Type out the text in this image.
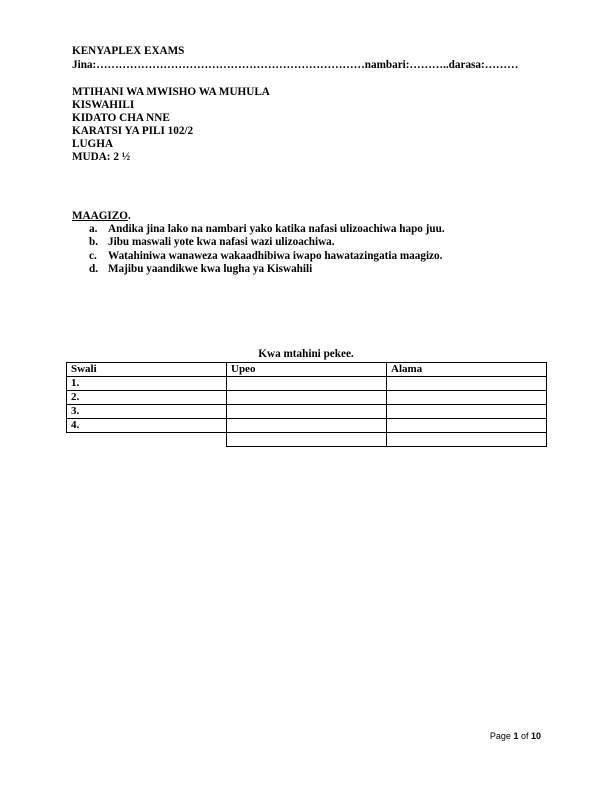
KENYAPLEX EXAMS
Jina:………………………………………………………………nambari:………..darasa:………
MTIHANI WA MWISHO WA MUHULA
KISWAHILI
KIDATO CHA NNE
KARATSI YA PILI 102/2
LUGHA
MUDA: 2 ½
MAAGIZO.
a. Andika jina lako na nambari yako katika nafasi ulizoachiwa hapo juu.
b. Jibu maswali yote kwa nafasi wazi ulizoachiwa.
c. Watahiniwa wanaweza wakaadhibiwa iwapo hawatazingatia maagizo.
d. Majibu yaandikwe kwa lugha ya Kiswahili
Kwa mtahini pekee.
Swali	Upeo	Alama
1.		
2.		
3.		
4.		

Page 1 of 10
